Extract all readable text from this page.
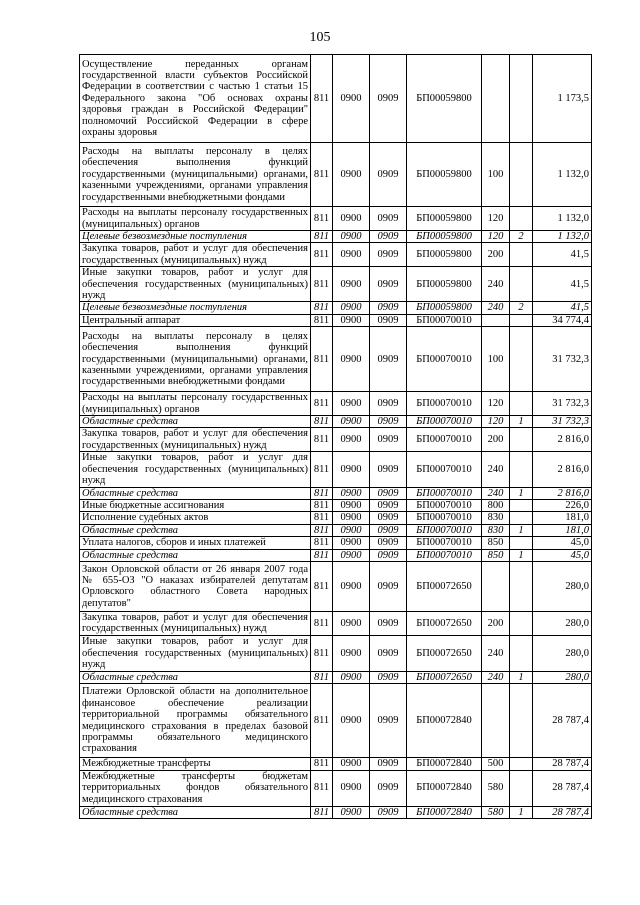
105
Осуществление переданных органам государственной власти субъектов Российской Федерации в соответствии с частью 1 статьи 15 Федерального закона "Об основах охраны здоровья граждан в Российской Федерации" полномочий Российской Федерации в сфере охраны здоровья	811	0900	0909	БП00059800			1 173,5
Расходы на выплаты персоналу в целях обеспечения выполнения функций государственными (муниципальными) органами, казенными учреждениями, органами управления государственными внебюджетными фондами	811	0900	0909	БП00059800	100		1 132,0
Расходы на выплаты персоналу государственных (муниципальных) органов	811	0900	0909	БП00059800	120		1 132,0
Целевые безвозмездные поступления	811	0900	0909	БП00059800	120	2	1 132,0
Закупка товаров, работ и услуг для обеспечения государственных (муниципальных) нужд	811	0900	0909	БП00059800	200		41,5
Иные закупки товаров, работ и услуг для обеспечения государственных (муниципальных) нужд	811	0900	0909	БП00059800	240		41,5
Целевые безвозмездные поступления	811	0900	0909	БП00059800	240	2	41,5
Центральный аппарат	811	0900	0909	БП00070010			34 774,4
Расходы на выплаты персоналу в целях обеспечения выполнения функций государственными (муниципальными) органами, казенными учреждениями, органами управления государственными внебюджетными фондами	811	0900	0909	БП00070010	100		31 732,3
Расходы на выплаты персоналу государственных (муниципальных) органов	811	0900	0909	БП00070010	120		31 732,3
Областные средства	811	0900	0909	БП00070010	120	1	31 732,3
Закупка товаров, работ и услуг для обеспечения государственных (муниципальных) нужд	811	0900	0909	БП00070010	200		2 816,0
Иные закупки товаров, работ и услуг для обеспечения государственных (муниципальных) нужд	811	0900	0909	БП00070010	240		2 816,0
Областные средства	811	0900	0909	БП00070010	240	1	2 816,0
Иные бюджетные ассигнования	811	0900	0909	БП00070010	800		226,0
Исполнение судебных актов	811	0900	0909	БП00070010	830		181,0
Областные средства	811	0900	0909	БП00070010	830	1	181,0
Уплата налогов, сборов и иных платежей	811	0900	0909	БП00070010	850		45,0
Областные средства	811	0900	0909	БП00070010	850	1	45,0
Закон Орловской области от 26 января 2007 года № 655-ОЗ "О наказах избирателей депутатам Орловского областного Совета народных депутатов"	811	0900	0909	БП00072650			280,0
Закупка товаров, работ и услуг для обеспечения государственных (муниципальных) нужд	811	0900	0909	БП00072650	200		280,0
Иные закупки товаров, работ и услуг для обеспечения государственных (муниципальных) нужд	811	0900	0909	БП00072650	240		280,0
Областные средства	811	0900	0909	БП00072650	240	1	280,0
Платежи Орловской области на дополнительное финансовое обеспечение реализации территориальной программы обязательного медицинского страхования в пределах базовой программы обязательного медицинского страхования	811	0900	0909	БП00072840			28 787,4
Межбюджетные трансферты	811	0900	0909	БП00072840	500		28 787,4
Межбюджетные трансферты бюджетам территориальных фондов обязательного медицинского страхования	811	0900	0909	БП00072840	580		28 787,4
Областные средства	811	0900	0909	БП00072840	580	1	28 787,4
